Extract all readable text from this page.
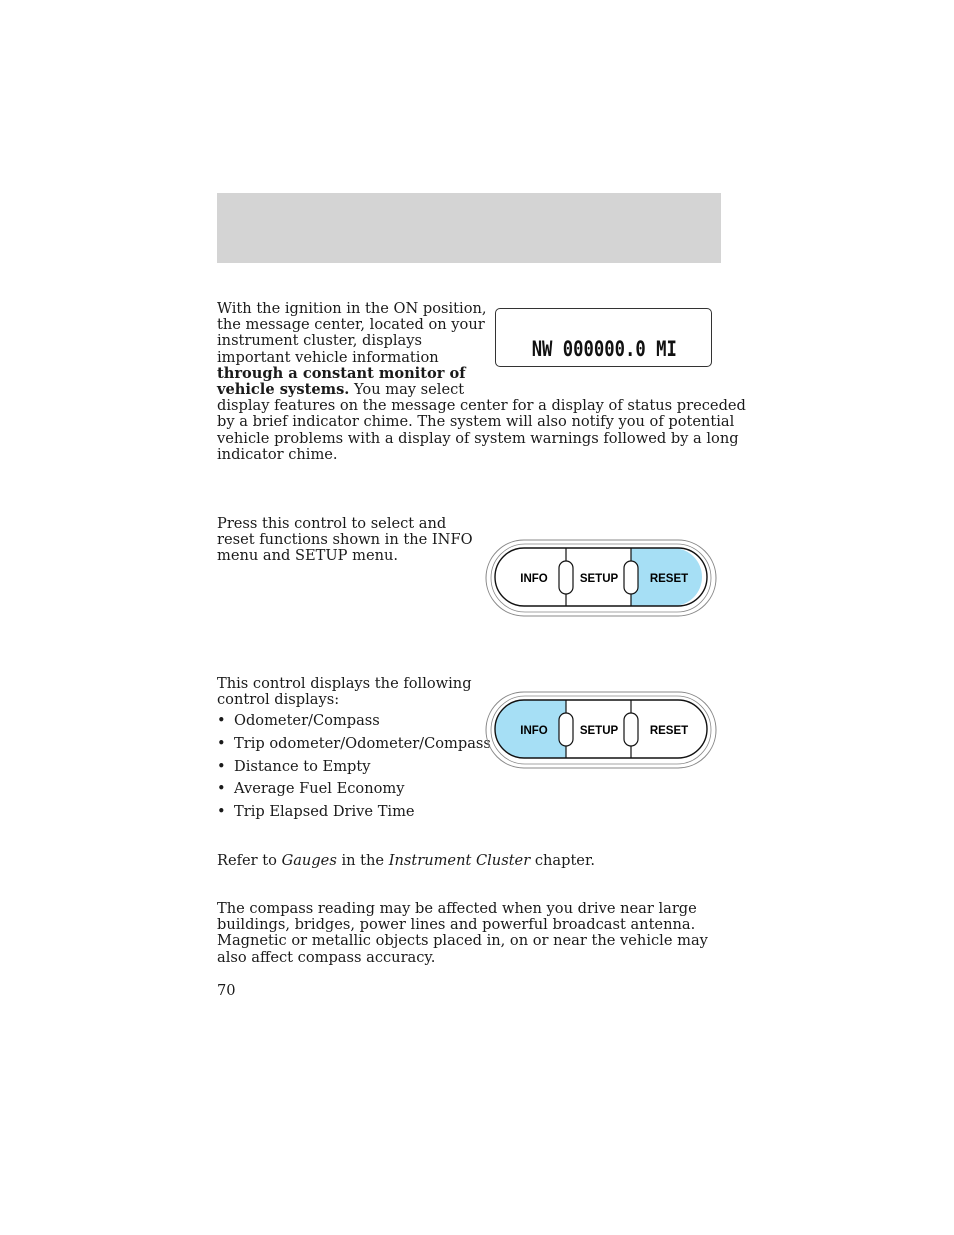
With the ignition in the ON position,
the message center, located on your
instrument cluster, displays
important vehicle information
through a constant monitor of
vehicle systems. You may select
display features on the message center for a display of status preceded
by a brief indicator chime. The system will also notify you of potential
vehicle problems with a display of system warnings followed by a long
indicator chime.

NW 000000.0 MI

Press this control to select and reset functions shown in the INFO menu and SETUP menu.

INFO	SETUP	RESET

This control displays the following control displays:

• Odometer/Compass
• Trip odometer/Odometer/Compass
• Distance to Empty
• Average Fuel Economy
• Trip Elapsed Drive Time
INFO	SETUP	RESET

Refer to Gauges in the Instrument Cluster chapter.

The compass reading may be affected when you drive near large buildings, bridges, power lines and powerful broadcast antenna. Magnetic or metallic objects placed in, on or near the vehicle may also affect compass accuracy.

70
